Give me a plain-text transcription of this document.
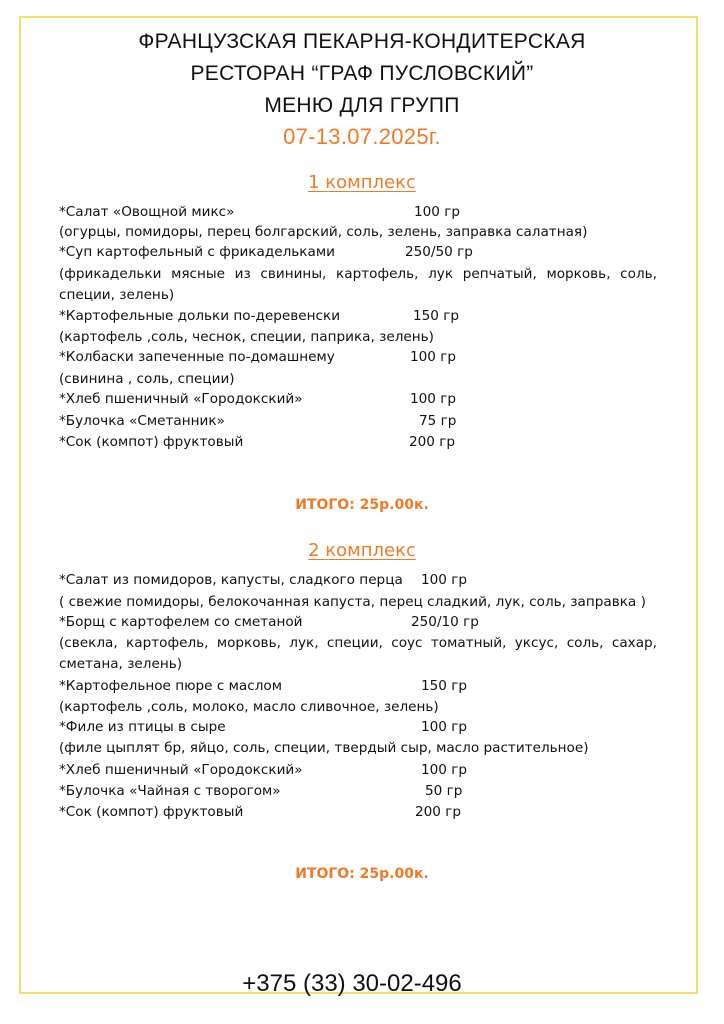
ФРАНЦУЗСКАЯ ПЕКАРНЯ-КОНДИТЕРСКАЯ
РЕСТОРАН “ГРАФ ПУСЛОВСКИЙ”
МЕНЮ ДЛЯ ГРУПП
07-13.07.2025г.
1 комплекс
*Салат «Овощной микс»	100 гр
(огурцы, помидоры, перец болгарский, соль, зелень, заправка салатная)
*Суп картофельный с фрикадельками	250/50 гр
(фрикадельки мясные из свинины, картофель, лук репчатый, морковь, соль, специи, зелень)
*Картофельные дольки по-деревенски	150 гр
(картофель ,соль, чеснок, специи, паприка, зелень)
*Колбаски запеченные по-домашнему	100 гр
(свинина , соль, специи)
*Хлеб пшеничный «Городокский»	100 гр
*Булочка «Сметанник»	75 гр
*Сок (компот) фруктовый	200 гр
ИТОГО: 25р.00к.
2 комплекс
*Салат из помидоров, капусты, сладкого перца 100 гр
( свежие помидоры, белокочанная капуста, перец сладкий, лук, соль, заправка )
*Борщ с картофелем со сметаной	250/10 гр
(свекла, картофель, морковь, лук, специи, соус томатный, уксус, соль, сахар, сметана, зелень)
*Картофельное пюре с маслом	150 гр
(картофель ,соль, молоко, масло сливочное, зелень)
*Филе из птицы в сыре	100 гр
(филе цыплят бр, яйцо, соль, специи, твердый сыр, масло растительное)
*Хлеб пшеничный «Городокский»	100 гр
*Булочка «Чайная с творогом»	50 гр
*Сок (компот) фруктовый	200 гр
ИТОГО: 25р.00к.
+375 (33) 30-02-496
